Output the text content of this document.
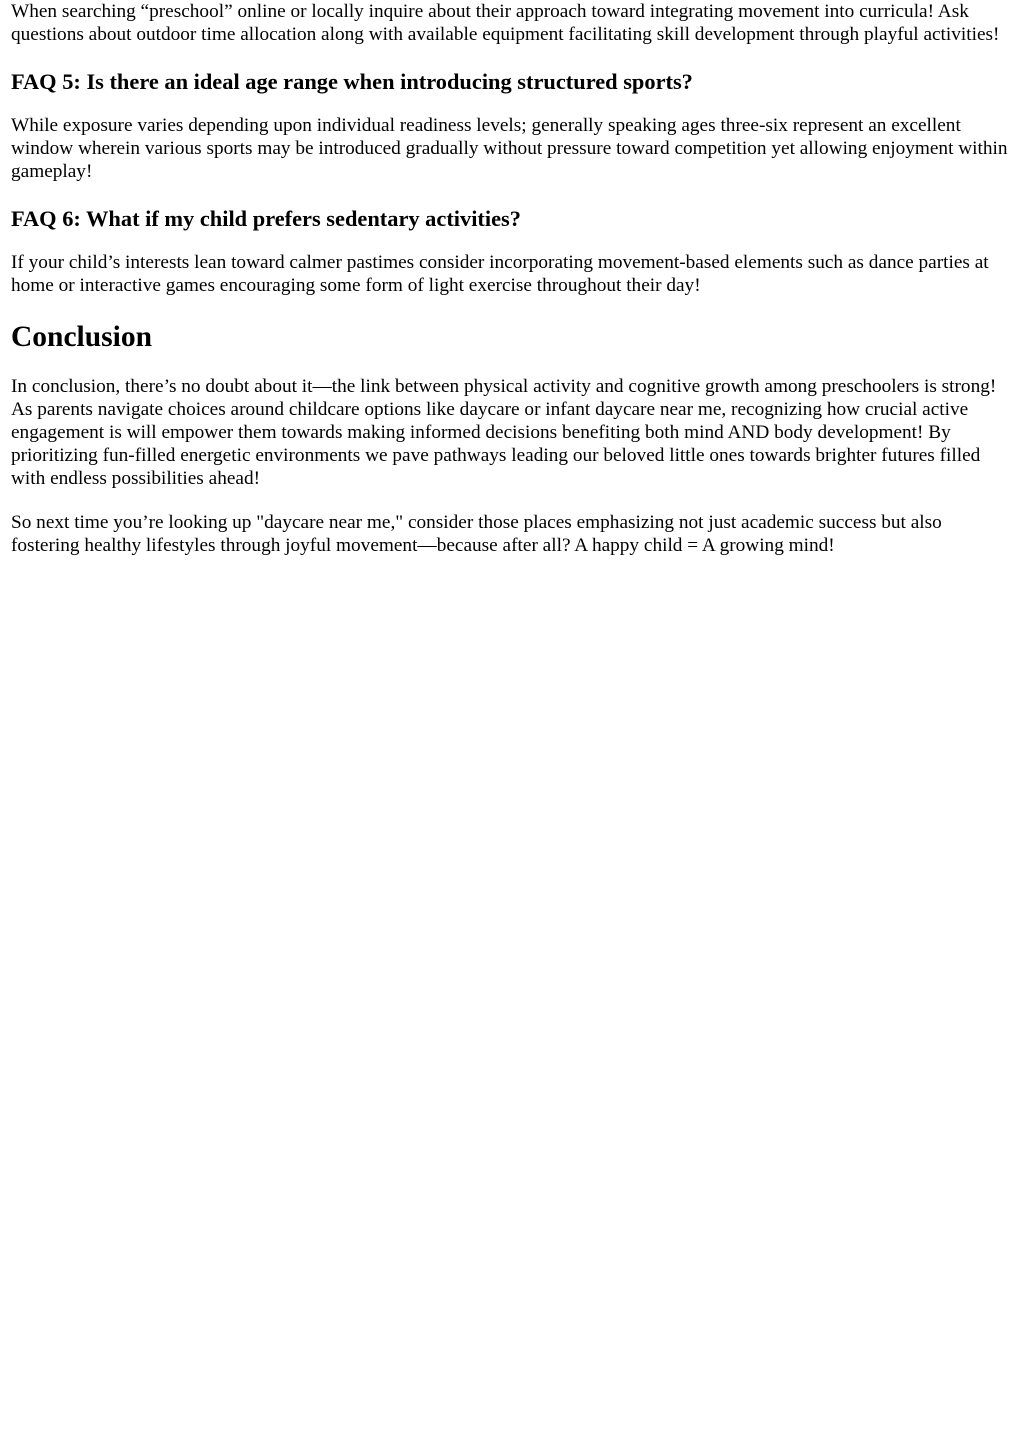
When searching “preschool” online or locally inquire about their approach toward integrating movement into curricula! Ask questions about outdoor time allocation along with available equipment facilitating skill development through playful activities!

FAQ 5: Is there an ideal age range when introducing structured sports?

While exposure varies depending upon individual readiness levels; generally speaking ages three-six represent an excellent window wherein various sports may be introduced gradually without pressure toward competition yet allowing enjoyment within gameplay!

FAQ 6: What if my child prefers sedentary activities?

If your child’s interests lean toward calmer pastimes consider incorporating movement-based elements such as dance parties at home or interactive games encouraging some form of light exercise throughout their day!

Conclusion

In conclusion, there’s no doubt about it—the link between physical activity and cognitive growth among preschoolers is strong! As parents navigate choices around childcare options like daycare or infant daycare near me, recognizing how crucial active engagement is will empower them towards making informed decisions benefiting both mind AND body development! By prioritizing fun-filled energetic environments we pave pathways leading our beloved little ones towards brighter futures filled with endless possibilities ahead!

So next time you’re looking up "daycare near me," consider those places emphasizing not just academic success but also fostering healthy lifestyles through joyful movement—because after all? A happy child = A growing mind!
